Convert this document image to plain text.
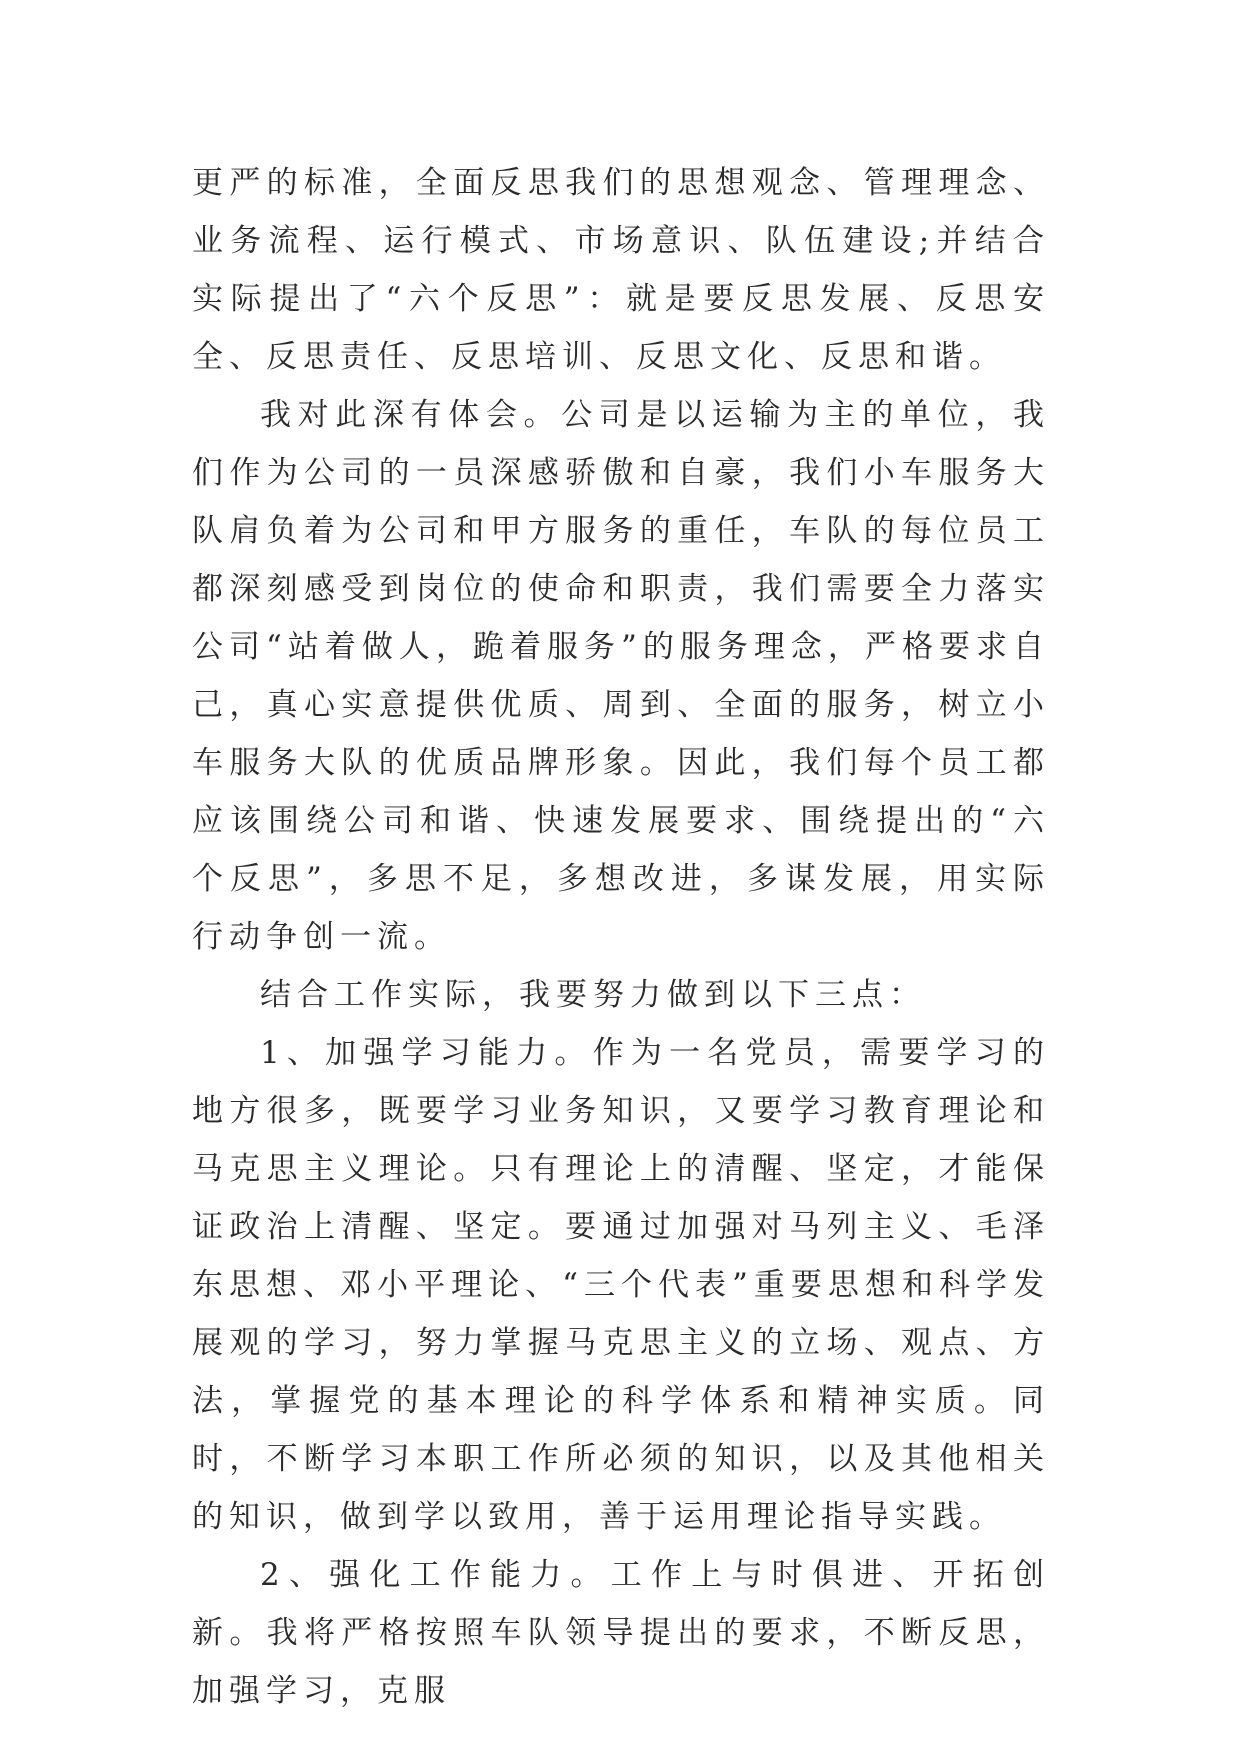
更严的标准，全面反思我们的思想观念、管理理念、业务流程、运行模式、市场意识、队伍建设;并结合实际提出了“六个反思”：就是要反思发展、反思安全、反思责任、反思培训、反思文化、反思和谐。

我对此深有体会。公司是以运输为主的单位，我们作为公司的一员深感骄傲和自豪，我们小车服务大队肩负着为公司和甲方服务的重任，车队的每位员工都深刻感受到岗位的使命和职责，我们需要全力落实公司“站着做人，跪着服务”的服务理念，严格要求自己，真心实意提供优质、周到、全面的服务，树立小车服务大队的优质品牌形象。因此，我们每个员工都应该围绕公司和谐、快速发展要求、围绕提出的“六个反思”，多思不足，多想改进，多谋发展，用实际行动争创一流。

结合工作实际，我要努力做到以下三点：

1、加强学习能力。作为一名党员，需要学习的地方很多，既要学习业务知识，又要学习教育理论和马克思主义理论。只有理论上的清醒、坚定，才能保证政治上清醒、坚定。要通过加强对马列主义、毛泽东思想、邓小平理论、“三个代表”重要思想和科学发展观的学习，努力掌握马克思主义的立场、观点、方法，掌握党的基本理论的科学体系和精神实质。同时，不断学习本职工作所必须的知识，以及其他相关的知识，做到学以致用，善于运用理论指导实践。

2、强化工作能力。工作上与时俱进、开拓创新。我将严格按照车队领导提出的要求，不断反思，加强学习，克服
